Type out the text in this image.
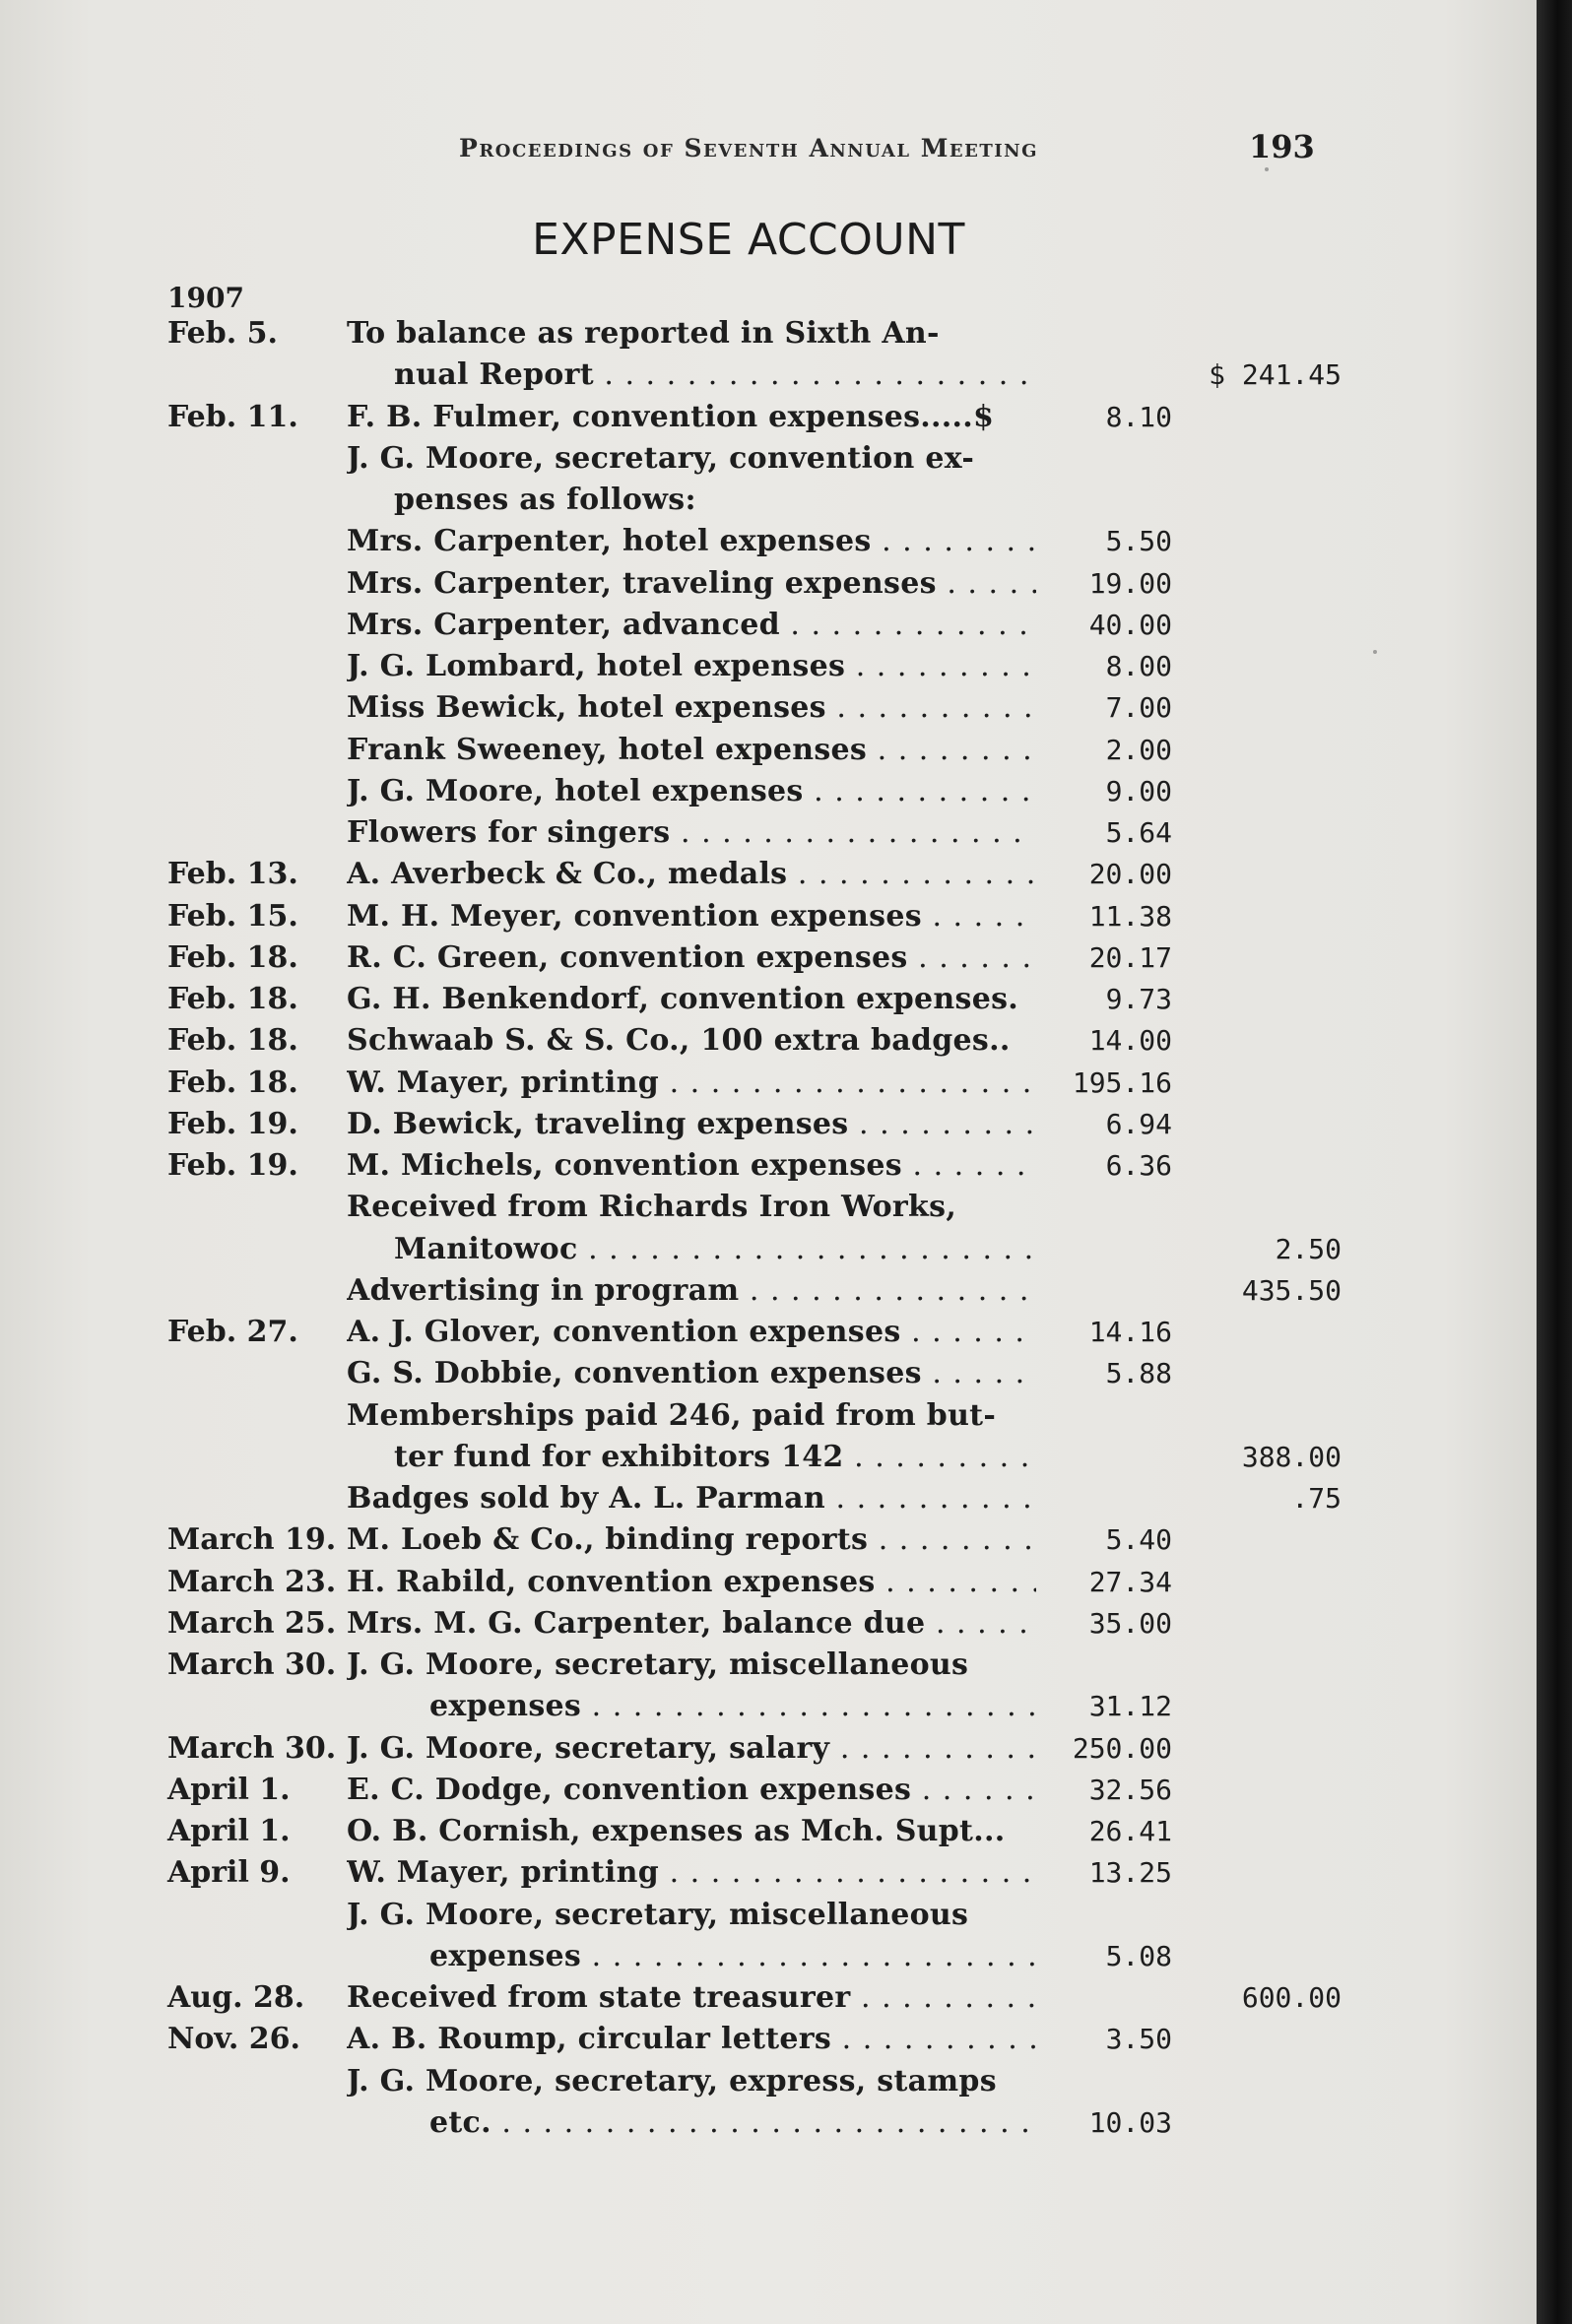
Proceedings of Seventh Annual Meeting	193
EXPENSE ACCOUNT
1907
Feb. 5. To balance as reported in Sixth An-
nual Report . . .	$ 241.45
Feb. 11. F. B. Fulmer, convention expenses.....$	8.10
J. G. Moore, secretary, convention ex-
penses as follows:
Mrs. Carpenter, hotel expenses . . .	5.50
Mrs. Carpenter, traveling expenses . . .	19.00
Mrs. Carpenter, advanced . . .	40.00
J. G. Lombard, hotel expenses . . .	8.00
Miss Bewick, hotel expenses . . .	7.00
Frank Sweeney, hotel expenses . . .	2.00
J. G. Moore, hotel expenses . . .	9.00
Flowers for singers . . .	5.64
Feb. 13. A. Averbeck & Co., medals . . .	20.00
Feb. 15. M. H. Meyer, convention expenses . . .	11.38
Feb. 18. R. C. Green, convention expenses . . .	20.17
Feb. 18. G. H. Benkendorf, convention expenses.	9.73
Feb. 18. Schwaab S. & S. Co., 100 extra badges..	14.00
Feb. 18. W. Mayer, printing . . .	195.16
Feb. 19. D. Bewick, traveling expenses . . .	6.94
Feb. 19. M. Michels, convention expenses . . .	6.36
Received from Richards Iron Works,
Manitowoc . . .	2.50
Advertising in program . . .	435.50
Feb. 27. A. J. Glover, convention expenses . . .	14.16
G. S. Dobbie, convention expenses . . .	5.88
Memberships paid 246, paid from but-
ter fund for exhibitors 142 . . .	388.00
Badges sold by A. L. Parman . . .	.75
March 19. M. Loeb & Co., binding reports . . .	5.40
March 23. H. Rabild, convention expenses . . .	27.34
March 25. Mrs. M. G. Carpenter, balance due . . .	35.00
March 30. J. G. Moore, secretary, miscellaneous
expenses . . .	31.12
March 30. J. G. Moore, secretary, salary . . .	250.00
April 1. E. C. Dodge, convention expenses . . .	32.56
April 1. O. B. Cornish, expenses as Mch. Supt...	26.41
April 9. W. Mayer, printing . . .	13.25
J. G. Moore, secretary, miscellaneous
expenses . . .	5.08
Aug. 28. Received from state treasurer . . .	600.00
Nov. 26. A. B. Roump, circular letters . . .	3.50
J. G. Moore, secretary, express, stamps
etc. . . .	10.03
